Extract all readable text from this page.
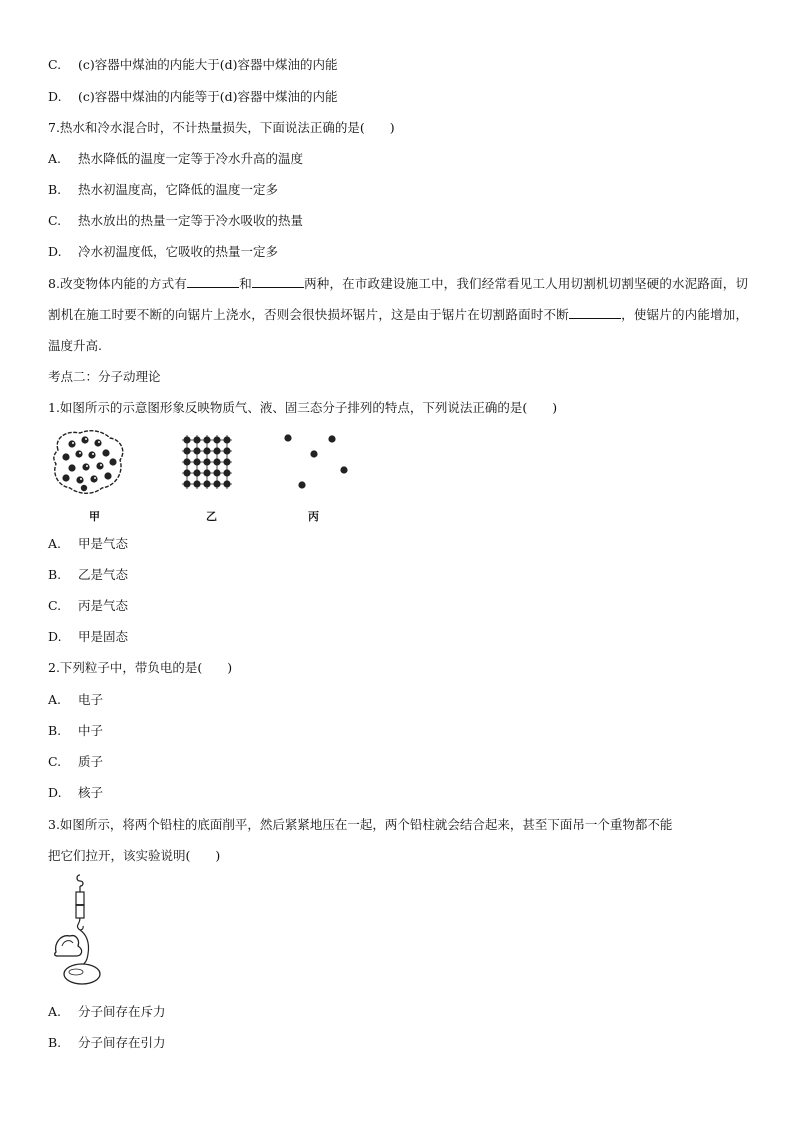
C. (c)容器中煤油的内能大于(d)容器中煤油的内能
D. (c)容器中煤油的内能等于(d)容器中煤油的内能
7.热水和冷水混合时，不计热量损失，下面说法正确的是(　　)
A. 热水降低的温度一定等于冷水升高的温度
B. 热水初温度高，它降低的温度一定多
C. 热水放出的热量一定等于冷水吸收的热量
D. 冷水初温度低，它吸收的热量一定多
8.改变物体内能的方式有	和	两种，在市政建设施工中，我们经常看见工人用切割机切割坚硬的水泥路面，切割机在施工时要不断的向锯片上浇水，否则会很快损坏锯片，这是由于锯片在切割路面时不断	，使锯片的内能增加，温度升高.
考点二：分子动理论
1.如图所示的示意图形象反映物质气、液、固三态分子排列的特点，下列说法正确的是(　　)
甲	乙	丙
A. 甲是气态
B. 乙是气态
C. 丙是气态
D. 甲是固态
2.下列粒子中，带负电的是(　　)
A. 电子
B. 中子
C. 质子
D. 核子
3.如图所示，将两个铅柱的底面削平，然后紧紧地压在一起，两个铅柱就会结合起来，甚至下面吊一个重物都不能
把它们拉开，该实验说明(　　)
A. 分子间存在斥力
B. 分子间存在引力
